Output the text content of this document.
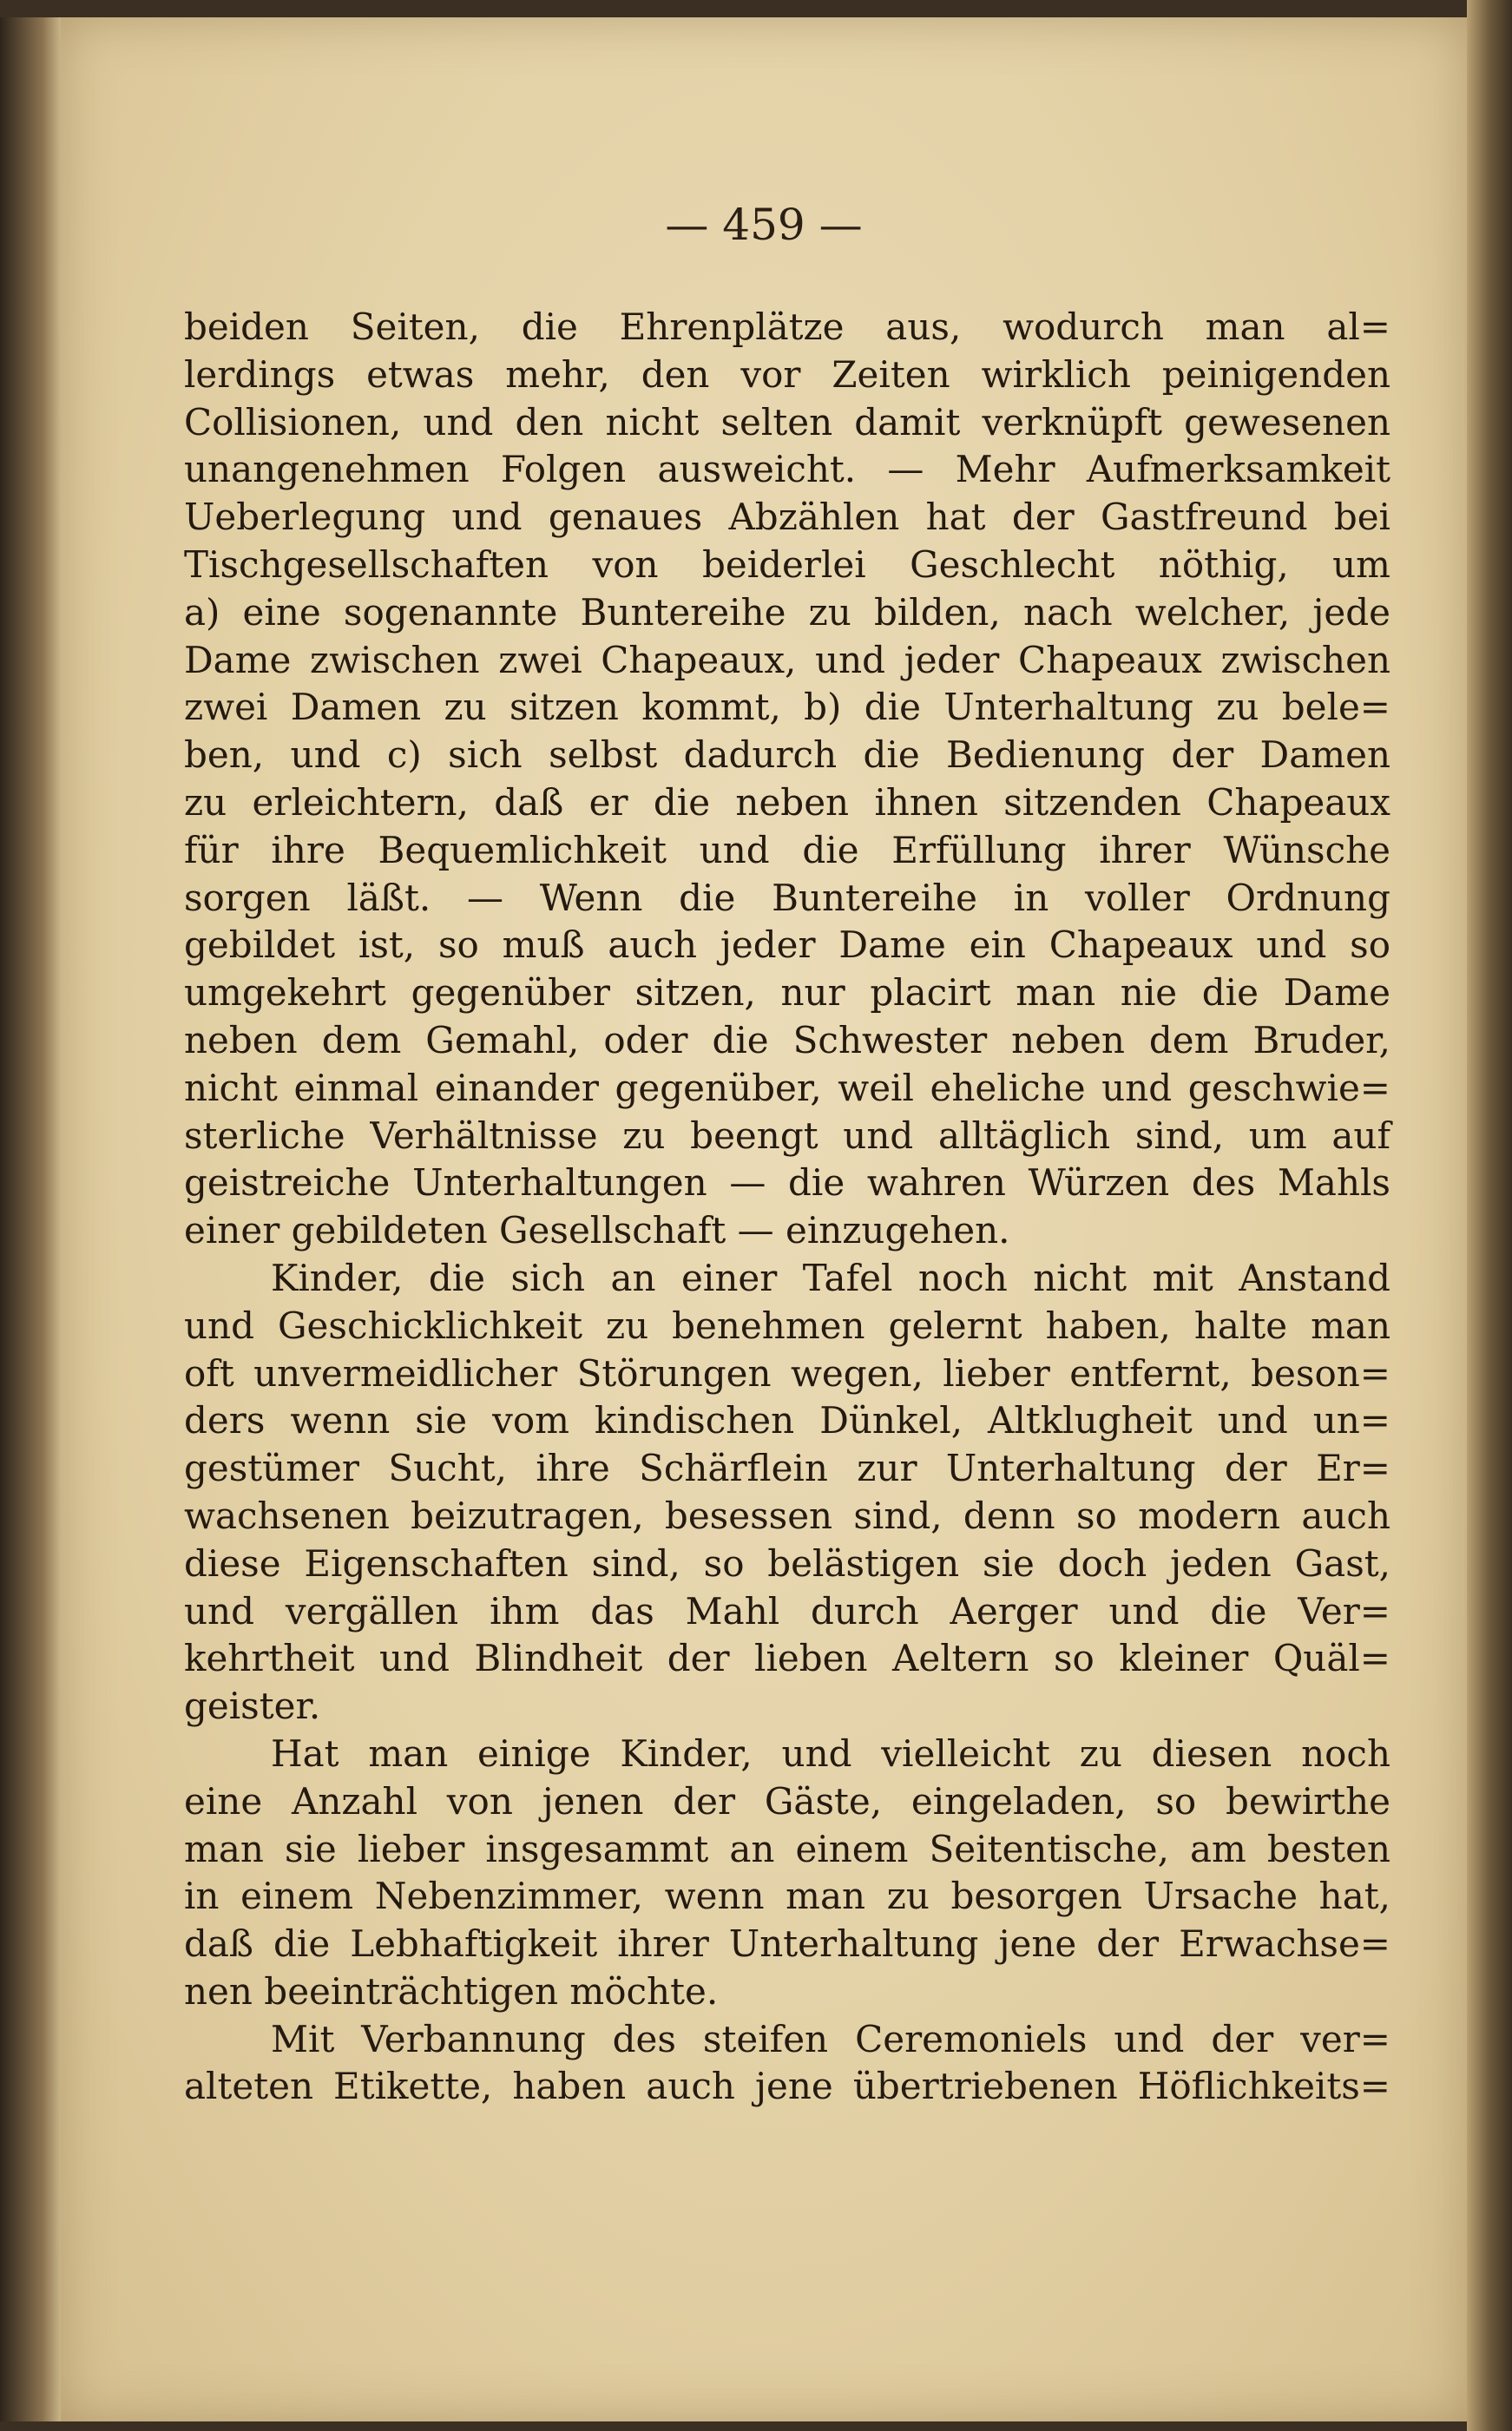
— 459 —
beiden Seiten, die Ehrenplätze aus, wodurch man al=
lerdings etwas mehr, den vor Zeiten wirklich peinigenden
Collisionen, und den nicht selten damit verknüpft gewesenen
unangenehmen Folgen ausweicht. — Mehr Aufmerksamkeit
Ueberlegung und genaues Abzählen hat der Gastfreund bei
Tischgesellschaften von beiderlei Geschlecht nöthig, um
a) eine sogenannte Buntereihe zu bilden, nach welcher, jede
Dame zwischen zwei Chapeaux, und jeder Chapeaux zwischen
zwei Damen zu sitzen kommt, b) die Unterhaltung zu bele=
ben, und c) sich selbst dadurch die Bedienung der Damen
zu erleichtern, daß er die neben ihnen sitzenden Chapeaux
für ihre Bequemlichkeit und die Erfüllung ihrer Wünsche
sorgen läßt. — Wenn die Buntereihe in voller Ordnung
gebildet ist, so muß auch jeder Dame ein Chapeaux und so
umgekehrt gegenüber sitzen, nur placirt man nie die Dame
neben dem Gemahl, oder die Schwester neben dem Bruder,
nicht einmal einander gegenüber, weil eheliche und geschwie=
sterliche Verhältnisse zu beengt und alltäglich sind, um auf
geistreiche Unterhaltungen — die wahren Würzen des Mahls
einer gebildeten Gesellschaft — einzugehen.
Kinder, die sich an einer Tafel noch nicht mit Anstand
und Geschicklichkeit zu benehmen gelernt haben, halte man
oft unvermeidlicher Störungen wegen, lieber entfernt, beson=
ders wenn sie vom kindischen Dünkel, Altklugheit und un=
gestümer Sucht, ihre Schärflein zur Unterhaltung der Er=
wachsenen beizutragen, besessen sind, denn so modern auch
diese Eigenschaften sind, so belästigen sie doch jeden Gast,
und vergällen ihm das Mahl durch Aerger und die Ver=
kehrtheit und Blindheit der lieben Aeltern so kleiner Quäl=
geister.
Hat man einige Kinder, und vielleicht zu diesen noch
eine Anzahl von jenen der Gäste, eingeladen, so bewirthe
man sie lieber insgesammt an einem Seitentische, am besten
in einem Nebenzimmer, wenn man zu besorgen Ursache hat,
daß die Lebhaftigkeit ihrer Unterhaltung jene der Erwachse=
nen beeinträchtigen möchte.
Mit Verbannung des steifen Ceremoniels und der ver=
alteten Etikette, haben auch jene übertriebenen Höflichkeits=
